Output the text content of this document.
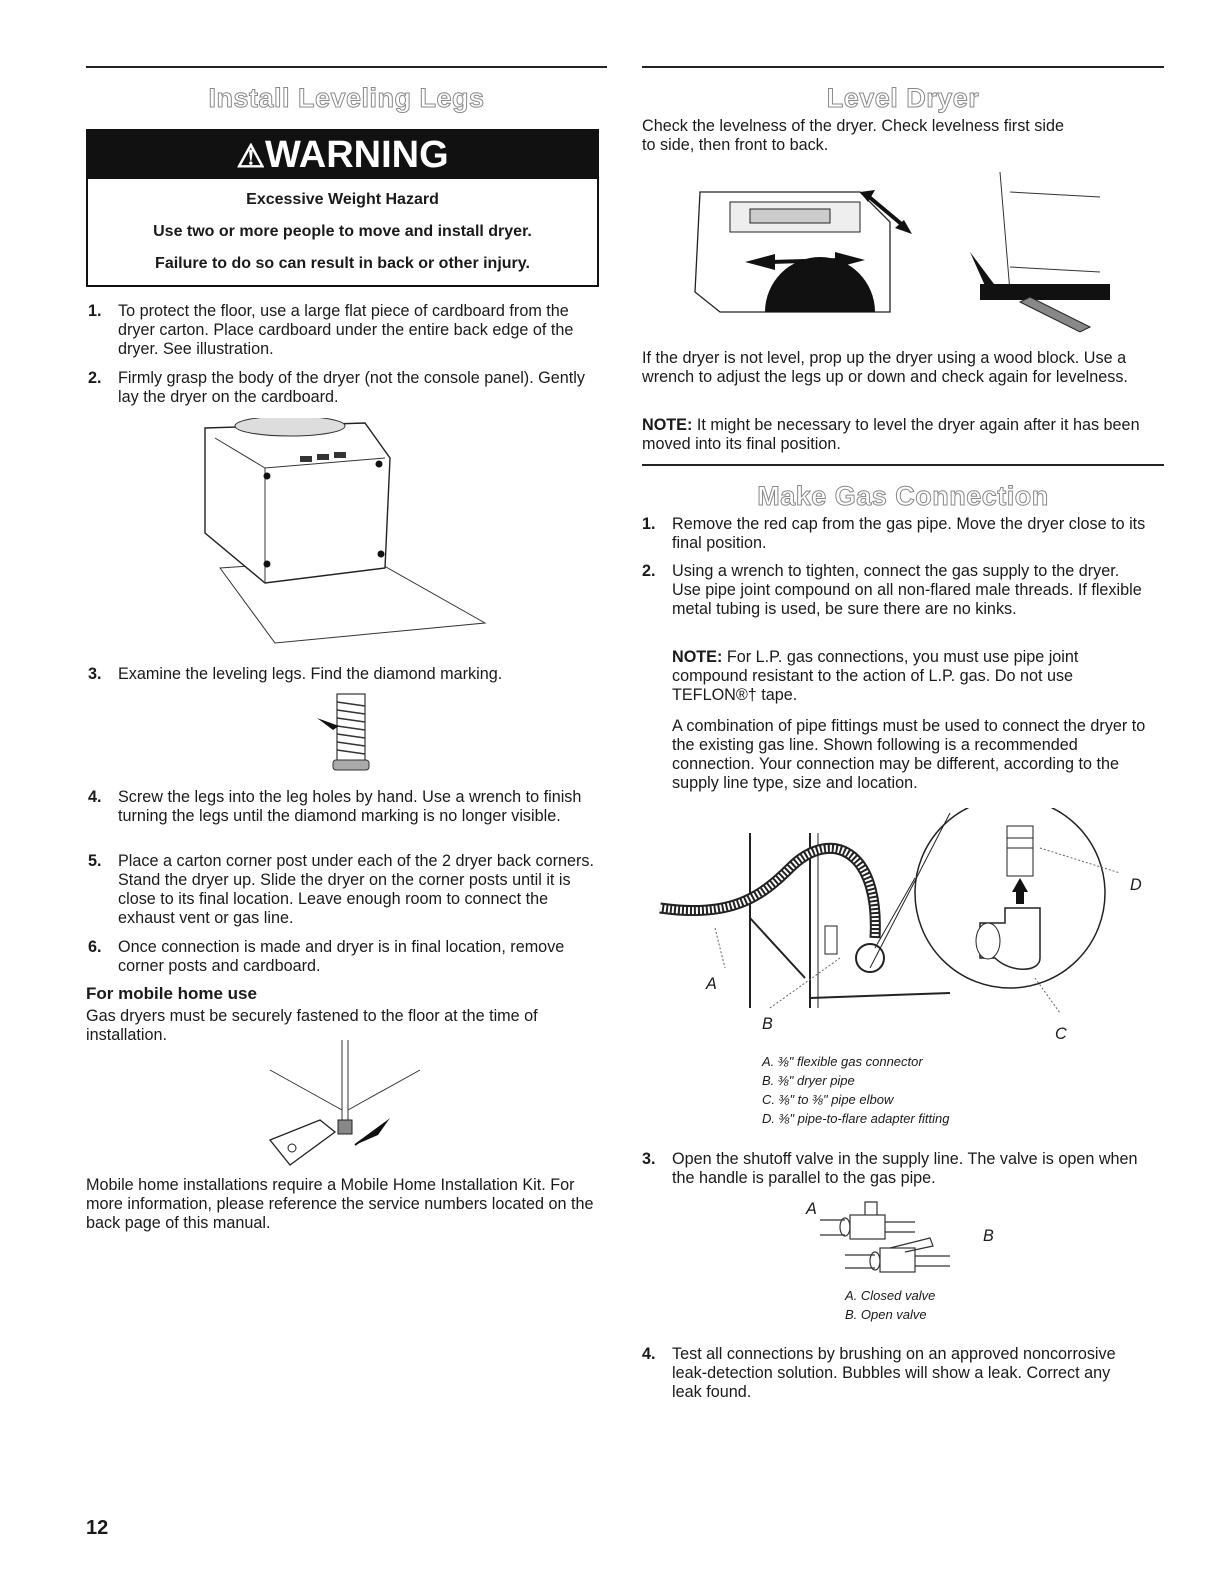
Install Leveling Legs
⚠WARNING
Excessive Weight Hazard
Use two or more people to move and install dryer.
Failure to do so can result in back or other injury.
1. To protect the floor, use a large flat piece of cardboard from the dryer carton. Place cardboard under the entire back edge of the dryer. See illustration.
2. Firmly grasp the body of the dryer (not the console panel). Gently lay the dryer on the cardboard.
3. Examine the leveling legs. Find the diamond marking.
4. Screw the legs into the leg holes by hand. Use a wrench to finish turning the legs until the diamond marking is no longer visible.
5. Place a carton corner post under each of the 2 dryer back corners. Stand the dryer up. Slide the dryer on the corner posts until it is close to its final location. Leave enough room to connect the exhaust vent or gas line.
6. Once connection is made and dryer is in final location, remove corner posts and cardboard.
For mobile home use
Gas dryers must be securely fastened to the floor at the time of installation.
Mobile home installations require a Mobile Home Installation Kit. For more information, please reference the service numbers located on the back page of this manual.
Level Dryer
Check the levelness of the dryer. Check levelness first side to side, then front to back.
If the dryer is not level, prop up the dryer using a wood block. Use a wrench to adjust the legs up or down and check again for levelness.
NOTE: It might be necessary to level the dryer again after it has been moved into its final position.
Make Gas Connection
1. Remove the red cap from the gas pipe. Move the dryer close to its final position.
2. Using a wrench to tighten, connect the gas supply to the dryer. Use pipe joint compound on all non-flared male threads. If flexible metal tubing is used, be sure there are no kinks.
NOTE: For L.P. gas connections, you must use pipe joint compound resistant to the action of L.P. gas. Do not use TEFLON®† tape.
A combination of pipe fittings must be used to connect the dryer to the existing gas line. Shown following is a recommended connection. Your connection may be different, according to the supply line type, size and location.
A
B
C
D
A. ⅜" flexible gas connector
B. ⅜" dryer pipe
C. ⅜" to ⅜" pipe elbow
D. ⅜" pipe-to-flare adapter fitting
3. Open the shutoff valve in the supply line. The valve is open when the handle is parallel to the gas pipe.
A
B
A. Closed valve
B. Open valve
4. Test all connections by brushing on an approved noncorrosive leak-detection solution. Bubbles will show a leak. Correct any leak found.
12
